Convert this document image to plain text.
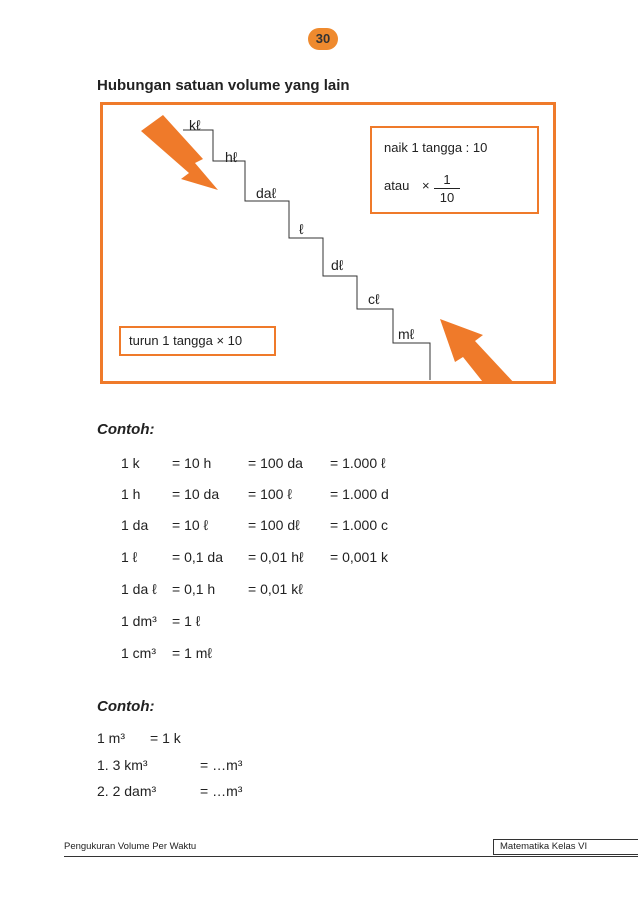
30
Hubungan satuan volume yang lain
kℓ
hℓ
daℓ
ℓ
dℓ
cℓ
mℓ
naik 1 tangga : 10
atau ×	1
10
turun 1 tangga × 10
Contoh:
1 k = 10 h	= 100 da = 1.000 ℓ
1 h = 10 da = 100 ℓ	= 1.000 d
1 da = 10 ℓ	= 100 dℓ = 1.000 c
1 ℓ = 0,1 da = 0,01 hℓ = 0,001 k
1 da ℓ = 0,1 h = 0,01 kℓ
1 dm³ = 1 ℓ
1 cm³ = 1 mℓ
Contoh:
1 m³ = 1 k
1. 3 km³	= …m³
2. 2 dam³	= …m³
Pengukuran Volume Per Waktu	Matematika Kelas VI
